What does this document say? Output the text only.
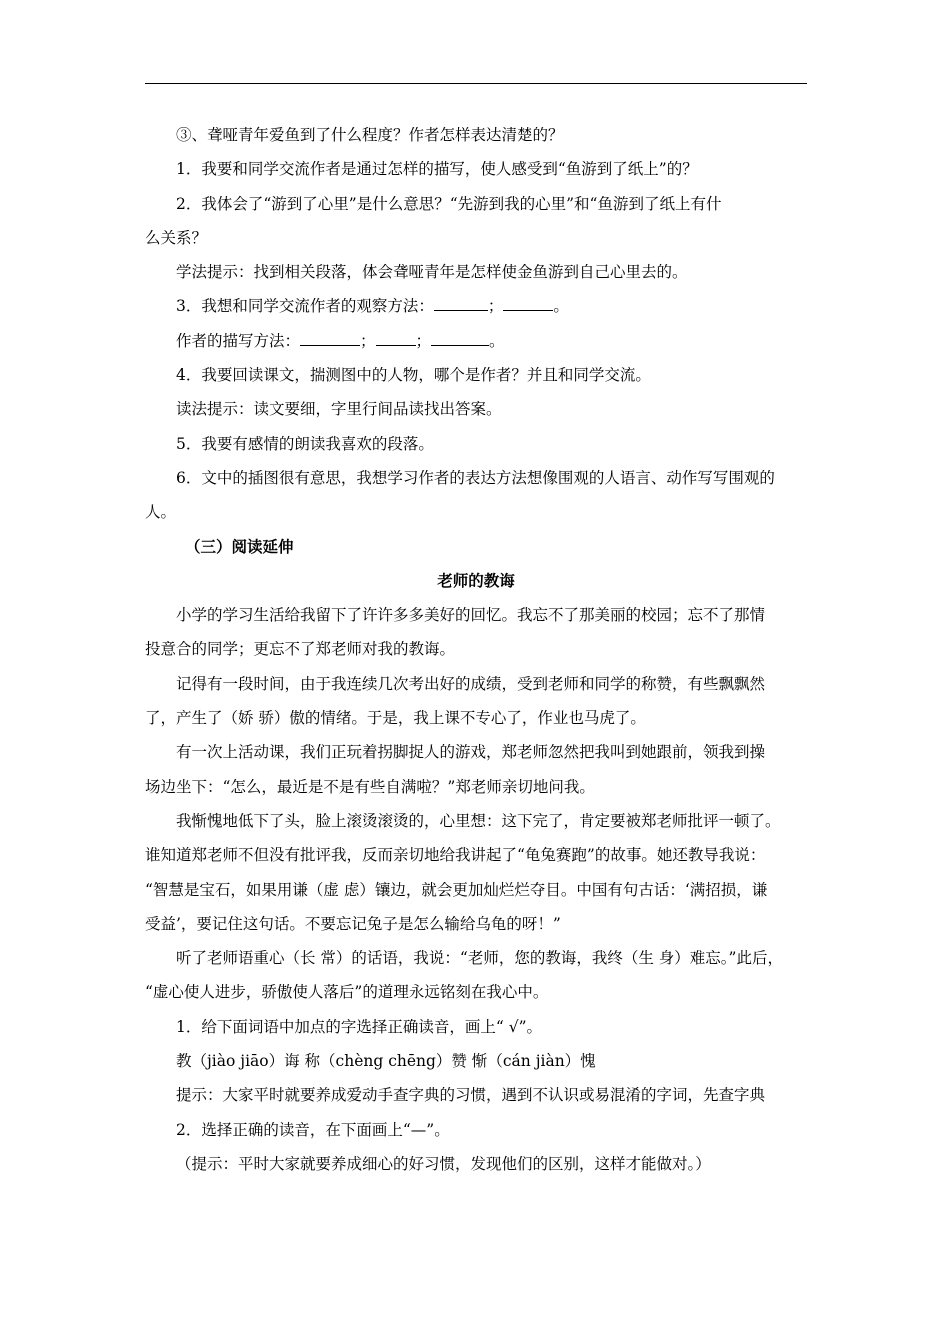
③、聋哑青年爱鱼到了什么程度？作者怎样表达清楚的？

1．我要和同学交流作者是通过怎样的描写，使人感受到“鱼游到了纸上”的？

2．我体会了“游到了心里”是什么意思？“先游到我的心里”和“鱼游到了纸上有什

么关系？

学法提示：找到相关段落，体会聋哑青年是怎样使金鱼游到自己心里去的。

3．我想和同学交流作者的观察方法：	；	。

作者的描写方法：	；	；	。

4．我要回读课文，揣测图中的人物，哪个是作者？并且和同学交流。

读法提示：读文要细，字里行间品读找出答案。

5．我要有感情的朗读我喜欢的段落。

6．文中的插图很有意思，我想学习作者的表达方法想像围观的人语言、动作写写围观的

人。

（三）阅读延伸

老师的教诲

小学的学习生活给我留下了许许多多美好的回忆。我忘不了那美丽的校园；忘不了那情

投意合的同学；更忘不了郑老师对我的教诲。

记得有一段时间，由于我连续几次考出好的成绩，受到老师和同学的称赞，有些飘飘然

了，产生了（娇 骄）傲的情绪。于是，我上课不专心了，作业也马虎了。

有一次上活动课，我们正玩着拐脚捉人的游戏，郑老师忽然把我叫到她跟前，领我到操

场边坐下：“怎么，最近是不是有些自满啦？”郑老师亲切地问我。

我惭愧地低下了头，脸上滚烫滚烫的，心里想：这下完了，肯定要被郑老师批评一顿了。

谁知道郑老师不但没有批评我，反而亲切地给我讲起了“龟兔赛跑”的故事。她还教导我说：

“智慧是宝石，如果用谦（虚 虑）镶边，就会更加灿烂烂夺目。中国有句古话：‘满招损，谦

受益’，要记住这句话。不要忘记兔子是怎么输给乌龟的呀！”

听了老师语重心（长 常）的话语，我说：“老师，您的教诲，我终（生 身）难忘。”此后，

“虚心使人进步，骄傲使人落后”的道理永远铭刻在我心中。

1．给下面词语中加点的字选择正确读音，画上“ √”。

教（jiào jiāo）诲 称（chèng chēng）赞 惭（cán jiàn）愧

提示：大家平时就要养成爱动手查字典的习惯，遇到不认识或易混淆的字词，先查字典

2．选择正确的读音，在下面画上“—”。

（提示：平时大家就要养成细心的好习惯，发现他们的区别，这样才能做对。）
